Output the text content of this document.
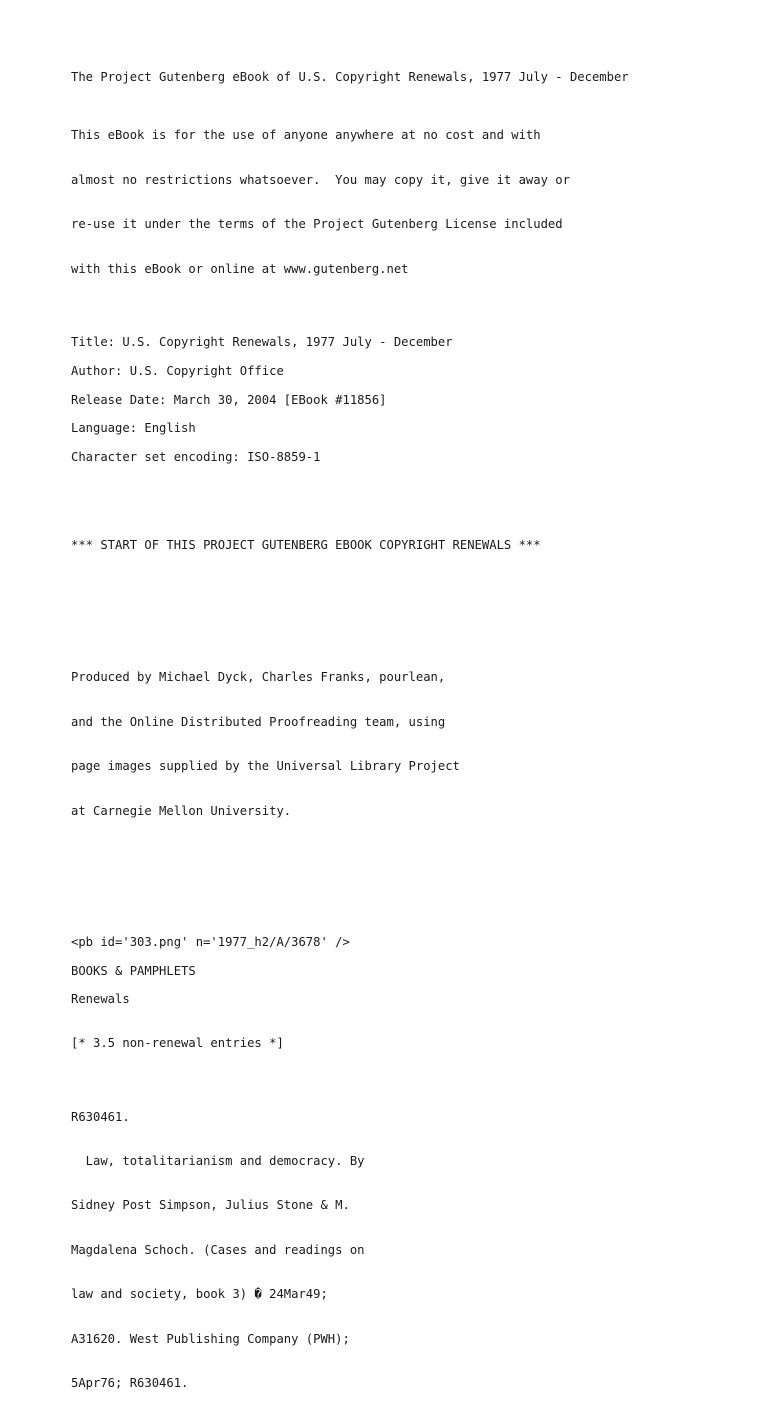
The Project Gutenberg eBook of U.S. Copyright Renewals, 1977 July - December

This eBook is for the use of anyone anywhere at no cost and with

almost no restrictions whatsoever.  You may copy it, give it away or

re-use it under the terms of the Project Gutenberg License included

with this eBook or online at www.gutenberg.net

Title: U.S. Copyright Renewals, 1977 July - December

Author: U.S. Copyright Office

Release Date: March 30, 2004 [EBook #11856]

Language: English

Character set encoding: ISO-8859-1

*** START OF THIS PROJECT GUTENBERG EBOOK COPYRIGHT RENEWALS ***

Produced by Michael Dyck, Charles Franks, pourlean,

and the Online Distributed Proofreading team, using

page images supplied by the Universal Library Project

at Carnegie Mellon University.

<pb id='303.png' n='1977_h2/A/3678' />

BOOKS & PAMPHLETS

Renewals

[* 3.5 non-renewal entries *]

R630461.

Law, totalitarianism and democracy. By

Sidney Post Simpson, Julius Stone & M.

Magdalena Schoch. (Cases and readings on

law and society, book 3) � 24Mar49;

A31620. West Publishing Company (PWH);

5Apr76; R630461.
